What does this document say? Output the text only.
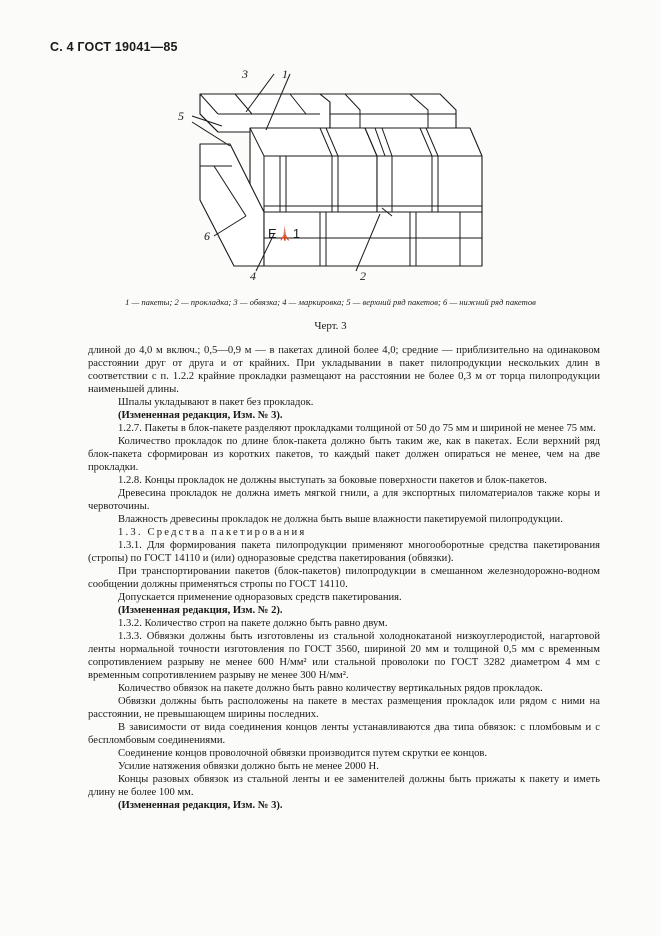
С. 4 ГОСТ 19041—85
3	1
5
6
4	2
Е🗼1
1 — пакеты; 2 — прокладка; 3 — обвязка; 4 — маркировка; 5 — верхний ряд пакетов; 6 — нижний ряд пакетов
Черт. 3

длиной до 4,0 м включ.; 0,5—0,9 м — в пакетах длиной более 4,0; средние — приблизительно на одинаковом расстоянии друг от друга и от крайних. При укладывании в пакет пилопродукции нескольких длин в соответствии с п. 1.2.2 крайние прокладки размещают на расстоянии не более 0,3 м от торца пилопродукции наименьшей длины.

Шпалы укладывают в пакет без прокладок.

(Измененная редакция, Изм. № 3).

1.2.7. Пакеты в блок-пакете разделяют прокладками толщиной от 50 до 75 мм и шириной не менее 75 мм.

Количество прокладок по длине блок-пакета должно быть таким же, как в пакетах. Если верхний ряд блок-пакета сформирован из коротких пакетов, то каждый пакет должен опираться не менее, чем на две прокладки.

1.2.8. Концы прокладок не должны выступать за боковые поверхности пакетов и блок-пакетов.

Древесина прокладок не должна иметь мягкой гнили, а для экспортных пиломатериалов также коры и червоточины.

Влажность древесины прокладок не должна быть выше влажности пакетируемой пилопродукции.

1.3. Средства пакетирования

1.3.1. Для формирования пакета пилопродукции применяют многооборотные средства пакетирования (стропы) по ГОСТ 14110 и (или) одноразовые средства пакетирования (обвязки).

При транспортировании пакетов (блок-пакетов) пилопродукции в смешанном железнодорожно-водном сообщении должны применяться стропы по ГОСТ 14110.

Допускается применение одноразовых средств пакетирования.

(Измененная редакция, Изм. № 2).

1.3.2. Количество строп на пакете должно быть равно двум.

1.3.3. Обвязки должны быть изготовлены из стальной холоднокатаной низкоуглеродистой, нагартовой ленты нормальной точности изготовления по ГОСТ 3560, шириной 20 мм и толщиной 0,5 мм с временным сопротивлением разрыву не менее 600 Н/мм² или стальной проволоки по ГОСТ 3282 диаметром 4 мм с временным сопротивлением разрыву не менее 300 Н/мм².

Количество обвязок на пакете должно быть равно количеству вертикальных рядов прокладок.

Обвязки должны быть расположены на пакете в местах размещения прокладок или рядом с ними на расстоянии, не превышающем ширины последних.

В зависимости от вида соединения концов ленты устанавливаются два типа обвязок: с пломбовым и с беспломбовым соединениями.

Соединение концов проволочной обвязки производится путем скрутки ее концов.

Усилие натяжения обвязки должно быть не менее 2000 Н.

Концы разовых обвязок из стальной ленты и ее заменителей должны быть прижаты к пакету и иметь длину не более 100 мм.

(Измененная редакция, Изм. № 3).
